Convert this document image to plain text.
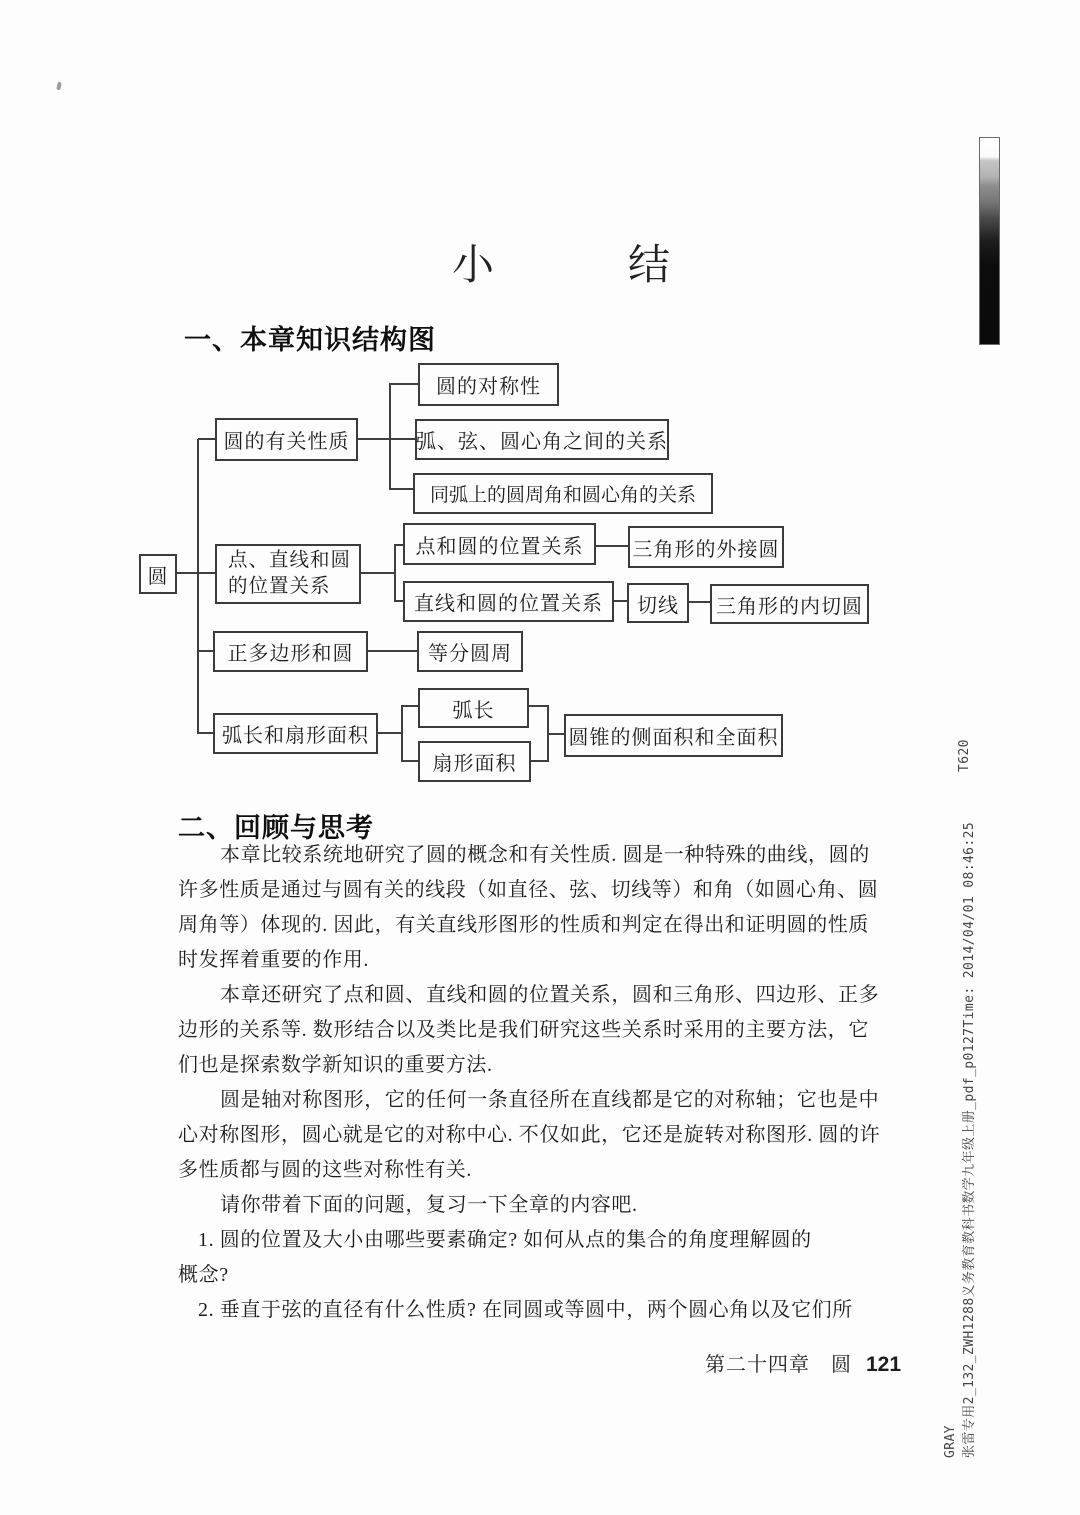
小　结
一、本章知识结构图
二、回顾与思考
圆
圆的有关性质
点、直线和圆的位置关系
正多边形和圆
弧长和扇形面积
圆的对称性
弧、弦、圆心角之间的关系
同弧上的圆周角和圆心角的关系
点和圆的位置关系	三角形的外接圆
直线和圆的位置关系	切线	三角形的内切圆
等分圆周
弧长
扇形面积
圆锥的侧面积和全面积
本章比较系统地研究了圆的概念和有关性质. 圆是一种特殊的曲线，圆的
许多性质是通过与圆有关的线段（如直径、弦、切线等）和角（如圆心角、圆
周角等）体现的. 因此，有关直线形图形的性质和判定在得出和证明圆的性质
时发挥着重要的作用.
本章还研究了点和圆、直线和圆的位置关系，圆和三角形、四边形、正多
边形的关系等. 数形结合以及类比是我们研究这些关系时采用的主要方法，它
们也是探索数学新知识的重要方法.
圆是轴对称图形，它的任何一条直径所在直线都是它的对称轴；它也是中
心对称图形，圆心就是它的对称中心. 不仅如此，它还是旋转对称图形. 圆的许
多性质都与圆的这些对称性有关.
请你带着下面的问题，复习一下全章的内容吧.
1. 圆的位置及大小由哪些要素确定? 如何从点的集合的角度理解圆的
概念?
2. 垂直于弦的直径有什么性质? 在同圆或等圆中，两个圆心角以及它们所
第二十四章　圆 121
T620
张雷专用2_132_ZWH1288义务教育教科书数学九年级上册_pdf_p0127Time: 2014/04/01 08:46:25
GRAY
